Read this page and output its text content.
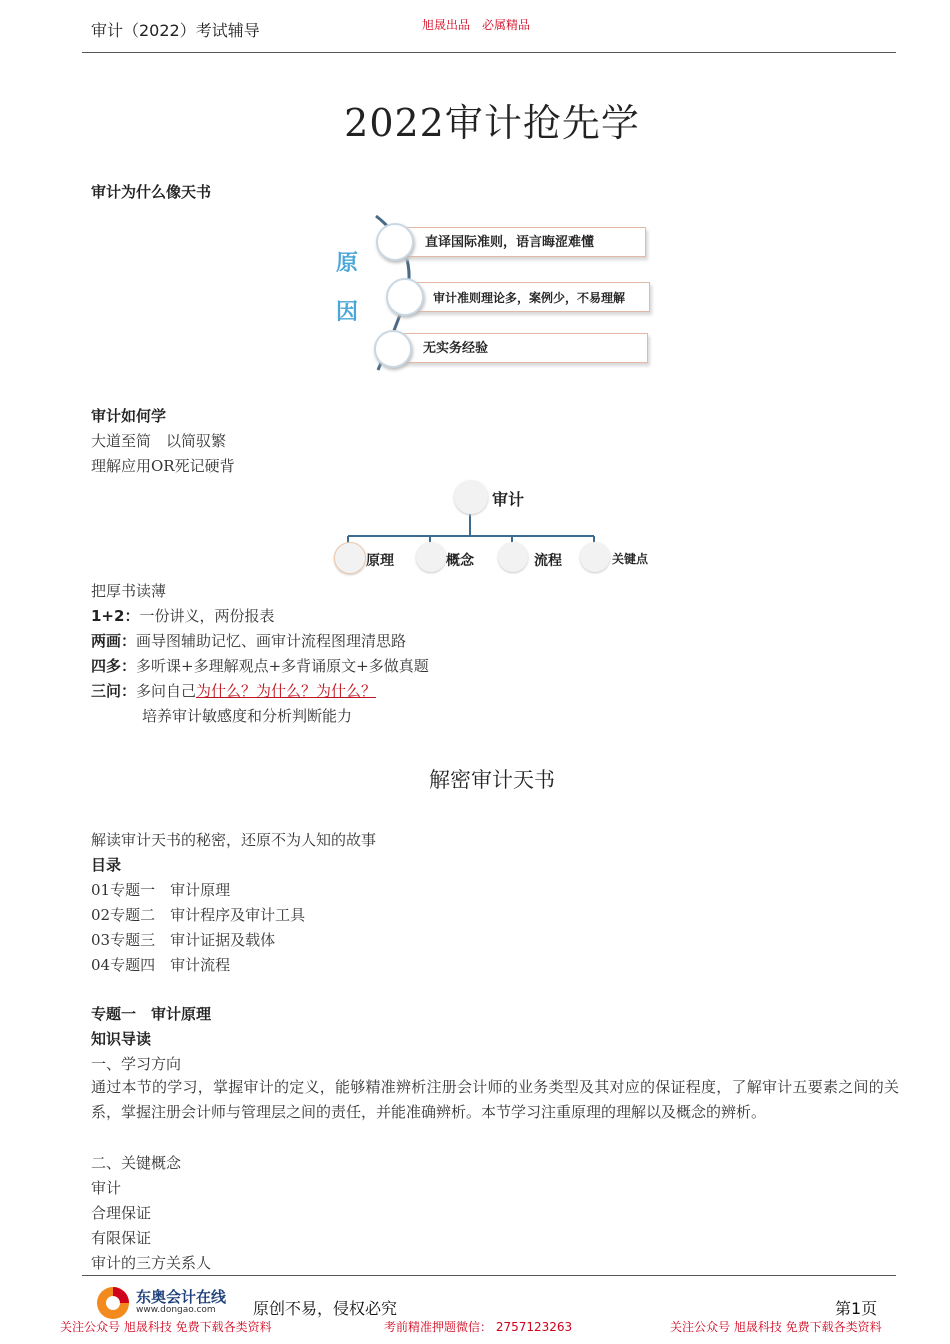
审计（2022）考试辅导	旭晟出品　必属精品
2022审计抢先学
审计为什么像天书
原
因
直译国际准则，语言晦涩难懂
审计准则理论多，案例少，不易理解
无实务经验
审计如何学
大道至简　以简驭繁
理解应用OR死记硬背
审计
原理	概念	流程	关键点
把厚书读薄
1+2：一份讲义，两份报表
两画：画导图辅助记忆、画审计流程图理清思路
四多：多听课+多理解观点+多背诵原文+多做真题
三问：多问自己为什么？为什么？为什么？
培养审计敏感度和分析判断能力
解密审计天书
解读审计天书的秘密，还原不为人知的故事
目录
01专题一　审计原理
02专题二　审计程序及审计工具
03专题三　审计证据及载体
04专题四　审计流程
专题一　审计原理
知识导读
一、学习方向
通过本节的学习，掌握审计的定义，能够精准辨析注册会计师的业务类型及其对应的保证程度，了解审计五要素之间的关系，掌握注册会计师与管理层之间的责任，并能准确辨析。本节学习注重原理的理解以及概念的辨析。
二、关键概念
审计
合理保证
有限保证
审计的三方关系人
东奥会计在线
www.dongao.com 原创不易，侵权必究	第1页
关注公众号 旭晟科技 免费下载各类资料	考前精准押题微信： 2757123263	关注公众号 旭晟科技 免费下载各类资料
